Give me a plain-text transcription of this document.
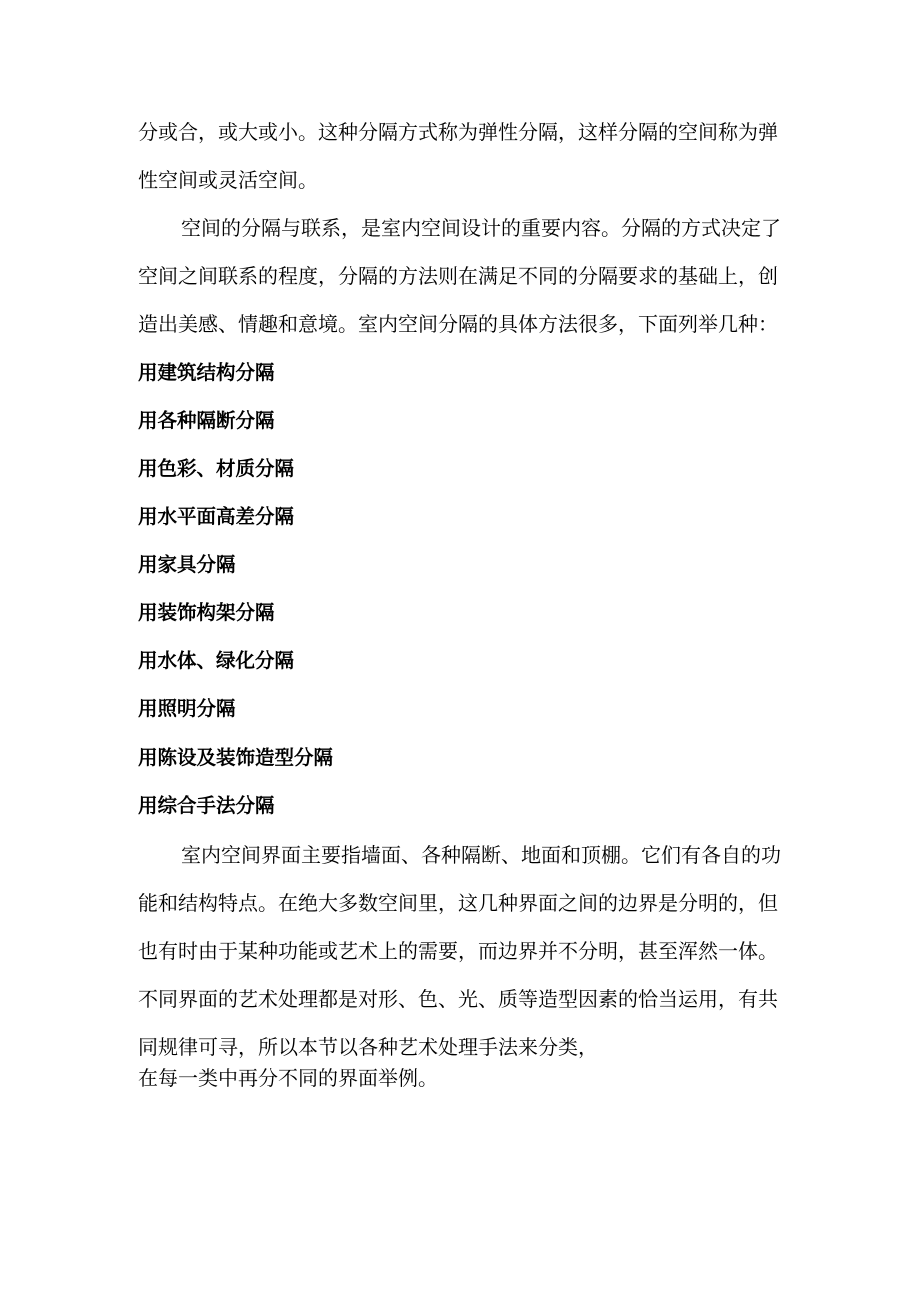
分或合，或大或小。这种分隔方式称为弹性分隔，这样分隔的空间称为弹
性空间或灵活空间。
空间的分隔与联系，是室内空间设计的重要内容。分隔的方式决定了
空间之间联系的程度，分隔的方法则在满足不同的分隔要求的基础上，创
造出美感、情趣和意境。室内空间分隔的具体方法很多，下面列举几种：
用建筑结构分隔
用各种隔断分隔
用色彩、材质分隔
用水平面高差分隔
用家具分隔
用装饰构架分隔
用水体、绿化分隔
用照明分隔
用陈设及装饰造型分隔
用综合手法分隔
室内空间界面主要指墙面、各种隔断、地面和顶棚。它们有各自的功
能和结构特点。在绝大多数空间里，这几种界面之间的边界是分明的，但
也有时由于某种功能或艺术上的需要，而边界并不分明，甚至浑然一体。
不同界面的艺术处理都是对形、色、光、质等造型因素的恰当运用，有共
同规律可寻，所以本节以各种艺术处理手法来分类，
在每一类中再分不同的界面举例。
